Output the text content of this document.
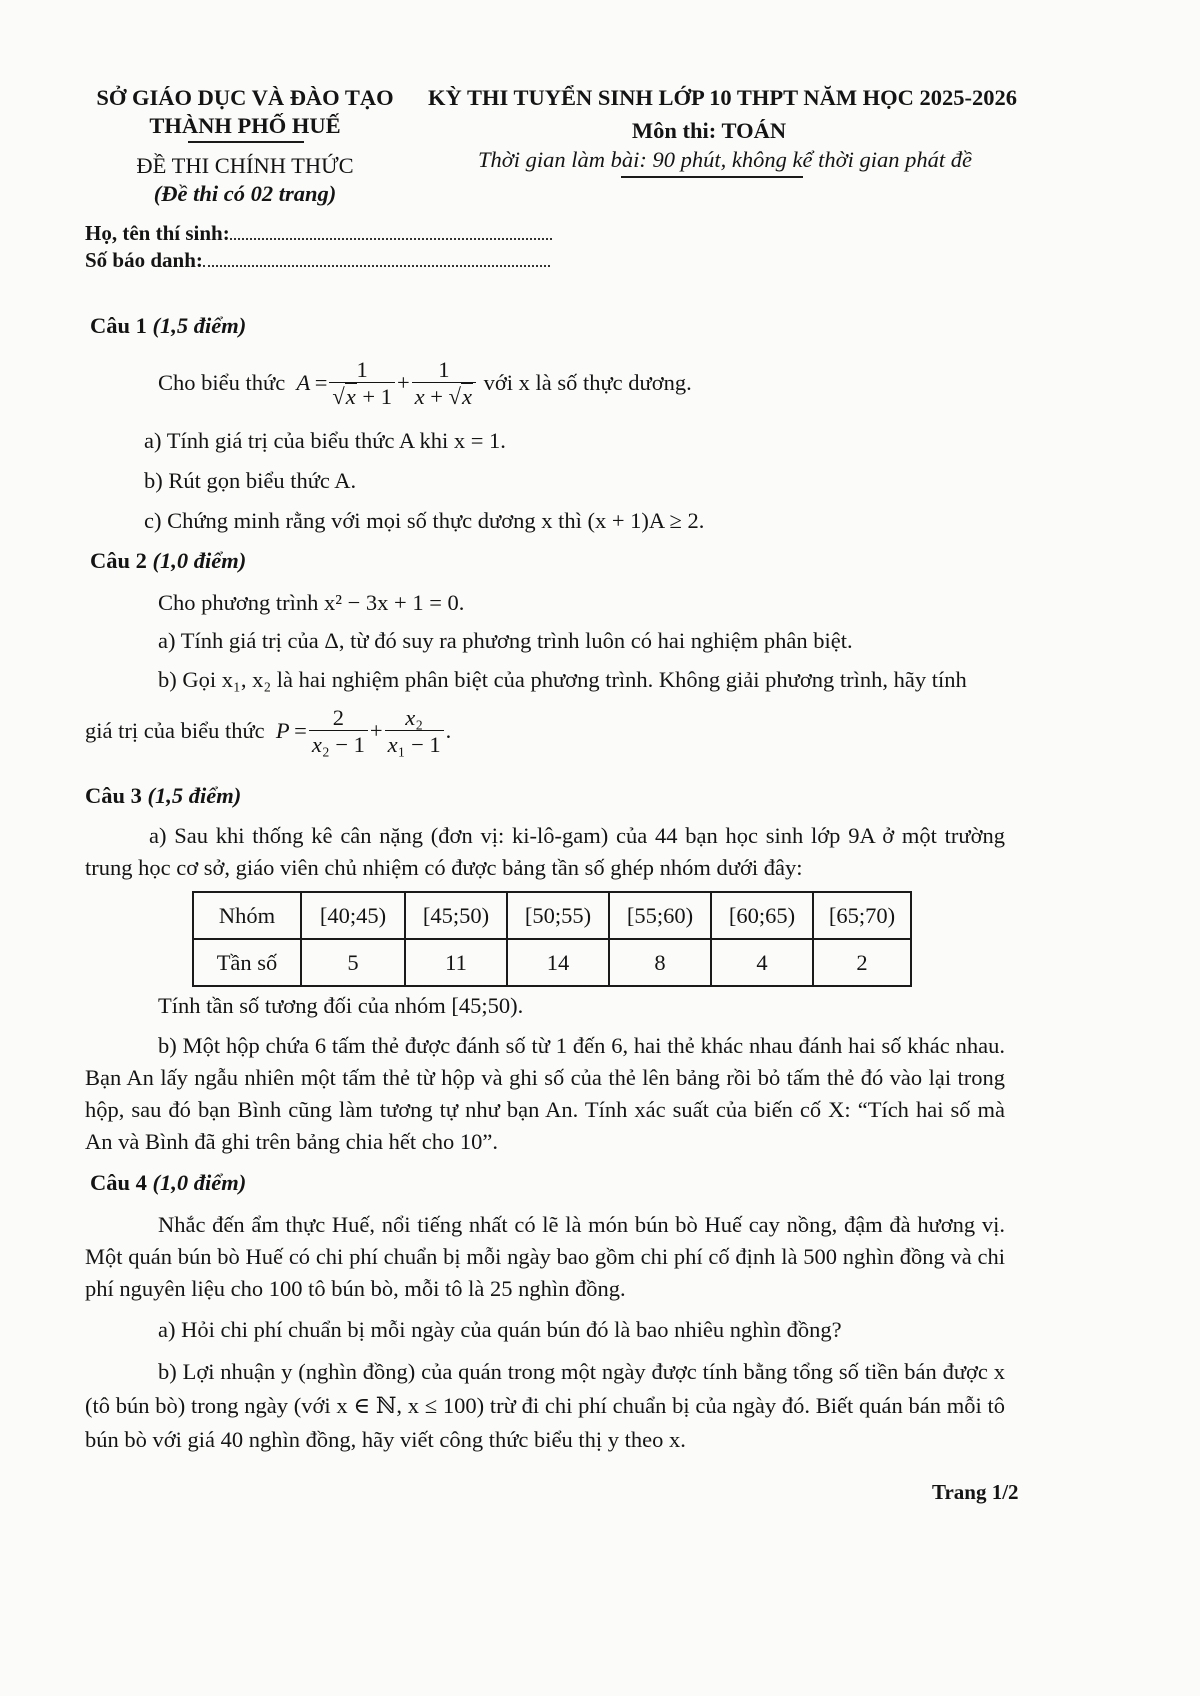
SỞ GIÁO DỤC VÀ ĐÀO TẠO
THÀNH PHỐ HUẾ
ĐỀ THI CHÍNH THỨC
(Đề thi có 02 trang)
KỲ THI TUYỂN SINH LỚP 10 THPT NĂM HỌC 2025-2026
Môn thi: TOÁN
Thời gian làm bài: 90 phút, không kể thời gian phát đề
Họ, tên thí sinh:
Số báo danh:
Câu 1 (1,5 điểm)
Cho biểu thức
$A = \frac{1}{√x + 1} + \frac{1}{x + √x}$
với x là số thực dương.
a) Tính giá trị của biểu thức A khi x = 1.
b) Rút gọn biểu thức A.
c) Chứng minh rằng với mọi số thực dương x thì (x + 1)A ≥ 2.
Câu 2 (1,0 điểm)
Cho phương trình x² − 3x + 1 = 0.
a) Tính giá trị của Δ, từ đó suy ra phương trình luôn có hai nghiệm phân biệt.
b) Gọi x₁, x₂ là hai nghiệm phân biệt của phương trình. Không giải phương trình, hãy tính
giá trị của biểu thức
$P = \frac{2}{\text{x₂ − 1}} + \frac{\text{x₂}}{\text{x₁ − 1}}$ .
Câu 3 (1,5 điểm)
a) Sau khi thống kê cân nặng (đơn vị: ki-lô-gam) của 44 bạn học sinh lớp 9A ở một trường trung học cơ sở, giáo viên chủ nhiệm có được bảng tần số ghép nhóm dưới đây:
Nhóm	[40;45)	[45;50)	[50;55)	[55;60)	[60;65)	[65;70)
Tần số	5	11	14	8	4	2
Tính tần số tương đối của nhóm [45;50).
b) Một hộp chứa 6 tấm thẻ được đánh số từ 1 đến 6, hai thẻ khác nhau đánh hai số khác nhau. Bạn An lấy ngẫu nhiên một tấm thẻ từ hộp và ghi số của thẻ lên bảng rồi bỏ tấm thẻ đó vào lại trong hộp, sau đó bạn Bình cũng làm tương tự như bạn An. Tính xác suất của biến cố X: “Tích hai số mà An và Bình đã ghi trên bảng chia hết cho 10”.
Câu 4 (1,0 điểm)
Nhắc đến ẩm thực Huế, nổi tiếng nhất có lẽ là món bún bò Huế cay nồng, đậm đà hương vị. Một quán bún bò Huế có chi phí chuẩn bị mỗi ngày bao gồm chi phí cố định là 500 nghìn đồng và chi phí nguyên liệu cho 100 tô bún bò, mỗi tô là 25 nghìn đồng.
a) Hỏi chi phí chuẩn bị mỗi ngày của quán bún đó là bao nhiêu nghìn đồng?
b) Lợi nhuận y (nghìn đồng) của quán trong một ngày được tính bằng tổng số tiền bán được x (tô bún bò) trong ngày (với x ∈ ℕ, x ≤ 100) trừ đi chi phí chuẩn bị của ngày đó. Biết quán bán mỗi tô bún bò với giá 40 nghìn đồng, hãy viết công thức biểu thị y theo x.
Trang 1/2
